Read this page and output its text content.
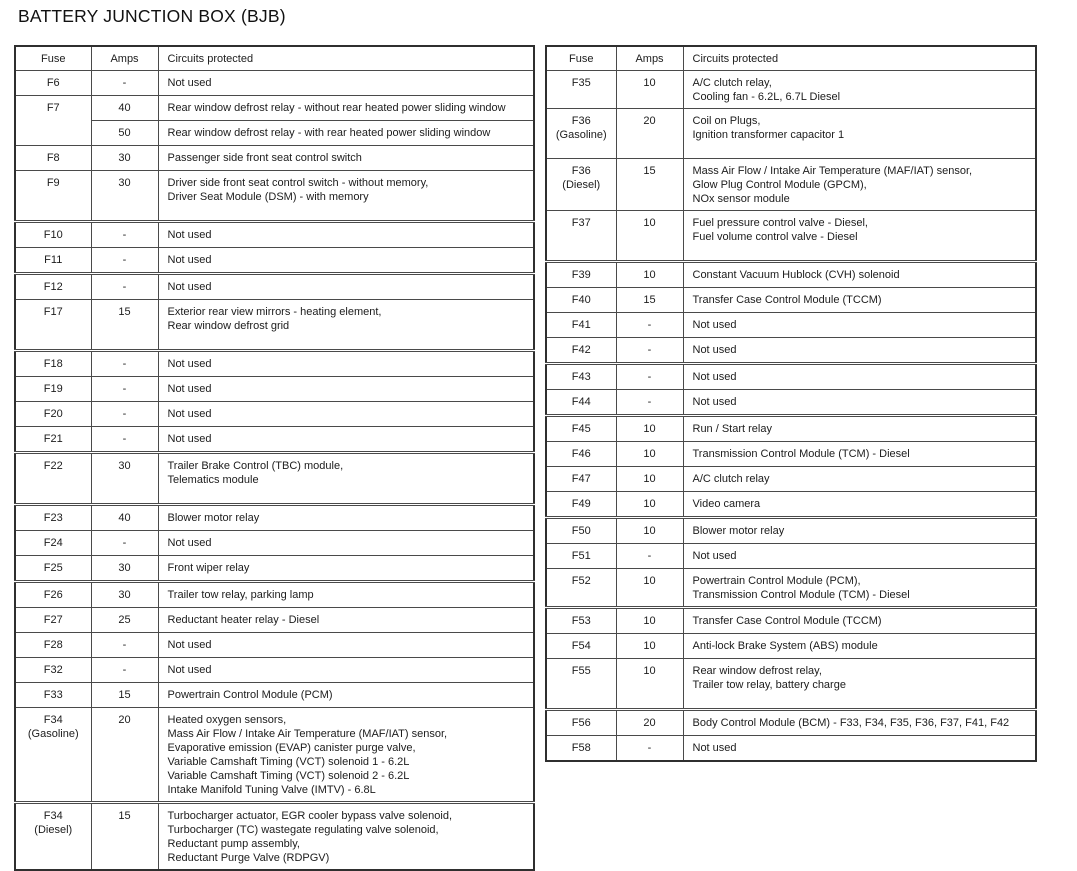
BATTERY JUNCTION BOX (BJB)
Fuse	Amps	Circuits protected
F6	-	Not used

F7	40	Rear window defrost relay - without rear heated power sliding window

	50	Rear window defrost relay - with rear heated power sliding window

F8	30	Passenger side front seat control switch

F9	30	Driver side front seat control switch - without memory,
Driver Seat Module (DSM) - with memory

F10	-	Not used

F11	-	Not used

F12	-	Not used

F17	15	Exterior rear view mirrors - heating element,
Rear window defrost grid

F18	-	Not used

F19	-	Not used

F20	-	Not used

F21	-	Not used

F22	30	Trailer Brake Control (TBC) module,
Telematics module

F23	40	Blower motor relay

F24	-	Not used

F25	30	Front wiper relay

F26	30	Trailer tow relay, parking lamp

F27	25	Reductant heater relay - Diesel

F28	-	Not used

F32	-	Not used

F33	15	Powertrain Control Module (PCM)

F34
(Gasoline)
	20	Heated oxygen sensors,
Mass Air Flow / Intake Air Temperature (MAF/IAT) sensor,
Evaporative emission (EVAP) canister purge valve,
Variable Camshaft Timing (VCT) solenoid 1 - 6.2L
Variable Camshaft Timing (VCT) solenoid 2 - 6.2L
Intake Manifold Tuning Valve (IMTV) - 6.8L

F34
(Diesel)	15	Turbocharger actuator, EGR cooler bypass valve solenoid,
Turbocharger (TC) wastegate regulating valve solenoid,
Reductant pump assembly,
Reductant Purge Valve (RDPGV)
Fuse	Amps	Circuits protected
F35	10	A/C clutch relay,
Cooling fan - 6.2L, 6.7L Diesel

F36
(Gasoline)	20	Coil on Plugs,
Ignition transformer capacitor 1

F36
(Diesel)	15	Mass Air Flow / Intake Air Temperature (MAF/IAT) sensor,
Glow Plug Control Module (GPCM),
NOx sensor module

F37	10	Fuel pressure control valve - Diesel,
Fuel volume control valve - Diesel

F39	10	Constant Vacuum Hublock (CVH) solenoid

F40	15	Transfer Case Control Module (TCCM)

F41	-	Not used

F42	-	Not used

F43	-	Not used

F44	-	Not used

F45	10	Run / Start relay

F46	10	Transmission Control Module (TCM) - Diesel

F47	10	A/C clutch relay

F49	10	Video camera

F50	10	Blower motor relay

F51	-	Not used

F52	10	Powertrain Control Module (PCM),
Transmission Control Module (TCM) - Diesel

F53	10	Transfer Case Control Module (TCCM)

F54	10	Anti-lock Brake System (ABS) module

F55	10	Rear window defrost relay,
Trailer tow relay, battery charge

F56	20	Body Control Module (BCM) - F33, F34, F35, F36, F37, F41, F42

F58	-	Not used
